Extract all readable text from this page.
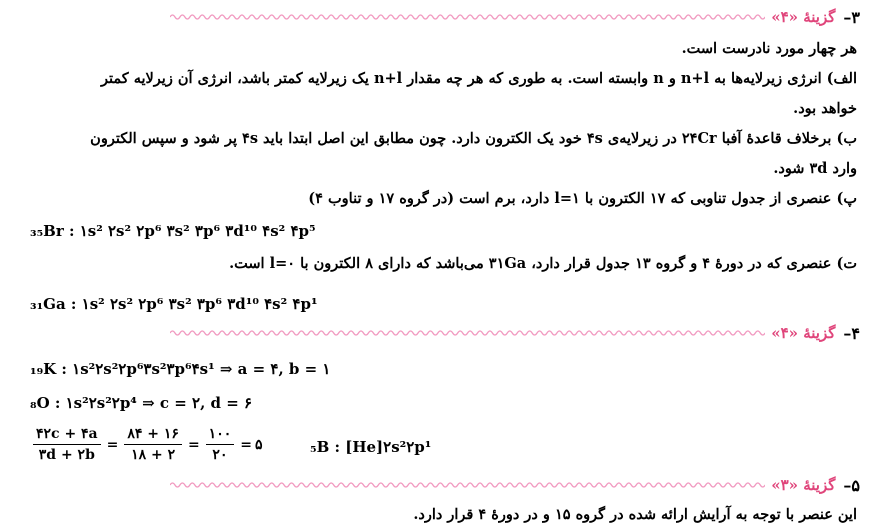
۳–
گزینهٔ «۴»
هر چهار مورد نادرست است.
الف) انرژی زیرلایه‌ها به n+l و n وابسته است. به طوری که هر چه مقدار n+l یک زیرلایه کمتر باشد، انرژی آن زیرلایه کمتر
خواهد بود.
ب) برخلاف قاعدهٔ آفبا ۲۴Cr در زیرلایه‌ی ۴s خود یک الکترون دارد. چون مطابق این اصل ابتدا باید ۴s پر شود و سپس الکترون
وارد ۳d شود.
پ) عنصری از جدول تناوبی که ۱۷ الکترون با l=۱ دارد، برم است (در گروه ۱۷ و تناوب ۴)
₃₅Br : ۱s² ۲s² ۲p⁶ ۳s² ۳p⁶ ۳d¹⁰ ۴s² ۴p⁵
ت) عنصری که در دورهٔ ۴ و گروه ۱۳ جدول قرار دارد، ۳۱Ga می‌باشد که دارای ۸ الکترون با l=۰ است.
₃₁Ga : ۱s² ۲s² ۲p⁶ ۳s² ۳p⁶ ۳d¹⁰ ۴s² ۴p¹
۴–
گزینهٔ «۴»
₁₉K : ۱s²۲s²۲p⁶۳s²۳p⁶۴s¹ ⇒ a = ۴, b = ۱
₈O : ۱s²۲s²۲p⁴ ⇒ c = ۲, d = ۶
$\frac{۴۲c + ۴a}{۳d + ۲b} = \frac{۸۴ + ۱۶}{۱۸ + ۲} = \frac{۱۰۰}{۲۰}$ = ۵	₅B : [He]۲s²۲p¹
۵–
گزینهٔ «۳»
این عنصر با توجه به آرایش ارائه شده در گروه ۱۵ و در دورهٔ ۴ قرار دارد.
